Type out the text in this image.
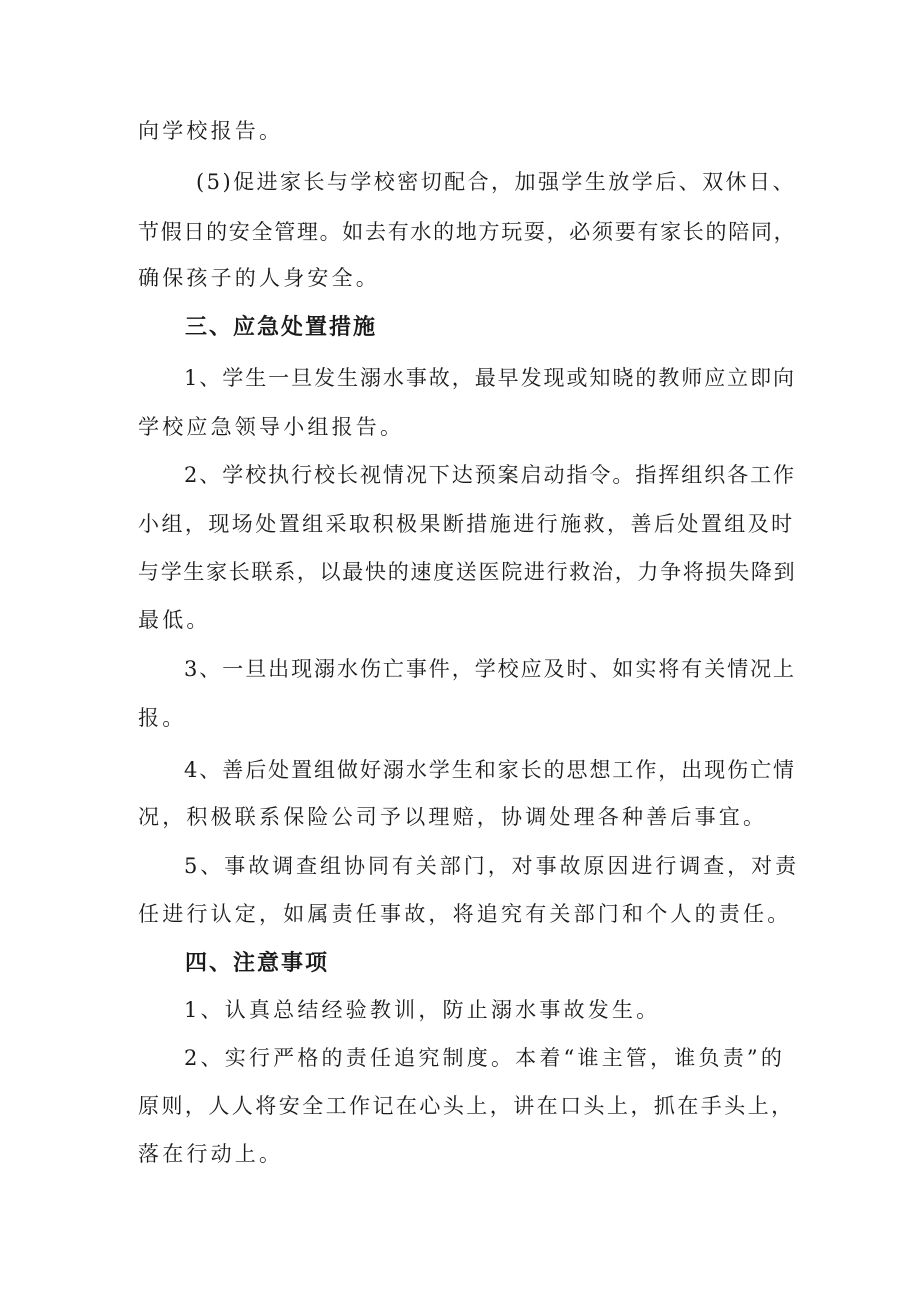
向学校报告。
(5)促进家长与学校密切配合，加强学生放学后、双休日、
节假日的安全管理。如去有水的地方玩耍，必须要有家长的陪同，
确保孩子的人身安全。
三、应急处置措施
1、学生一旦发生溺水事故，最早发现或知晓的教师应立即向
学校应急领导小组报告。
2、学校执行校长视情况下达预案启动指令。指挥组织各工作
小组，现场处置组采取积极果断措施进行施救，善后处置组及时
与学生家长联系，以最快的速度送医院进行救治，力争将损失降到
最低。
3、一旦出现溺水伤亡事件，学校应及时、如实将有关情况上
报。
4、善后处置组做好溺水学生和家长的思想工作，出现伤亡情
况，积极联系保险公司予以理赔，协调处理各种善后事宜。
5、事故调查组协同有关部门，对事故原因进行调查，对责
任进行认定，如属责任事故，将追究有关部门和个人的责任。
四、注意事项
1、认真总结经验教训，防止溺水事故发生。
2、实行严格的责任追究制度。本着“谁主管，谁负责”的
原则，人人将安全工作记在心头上，讲在口头上，抓在手头上，
落在行动上。
